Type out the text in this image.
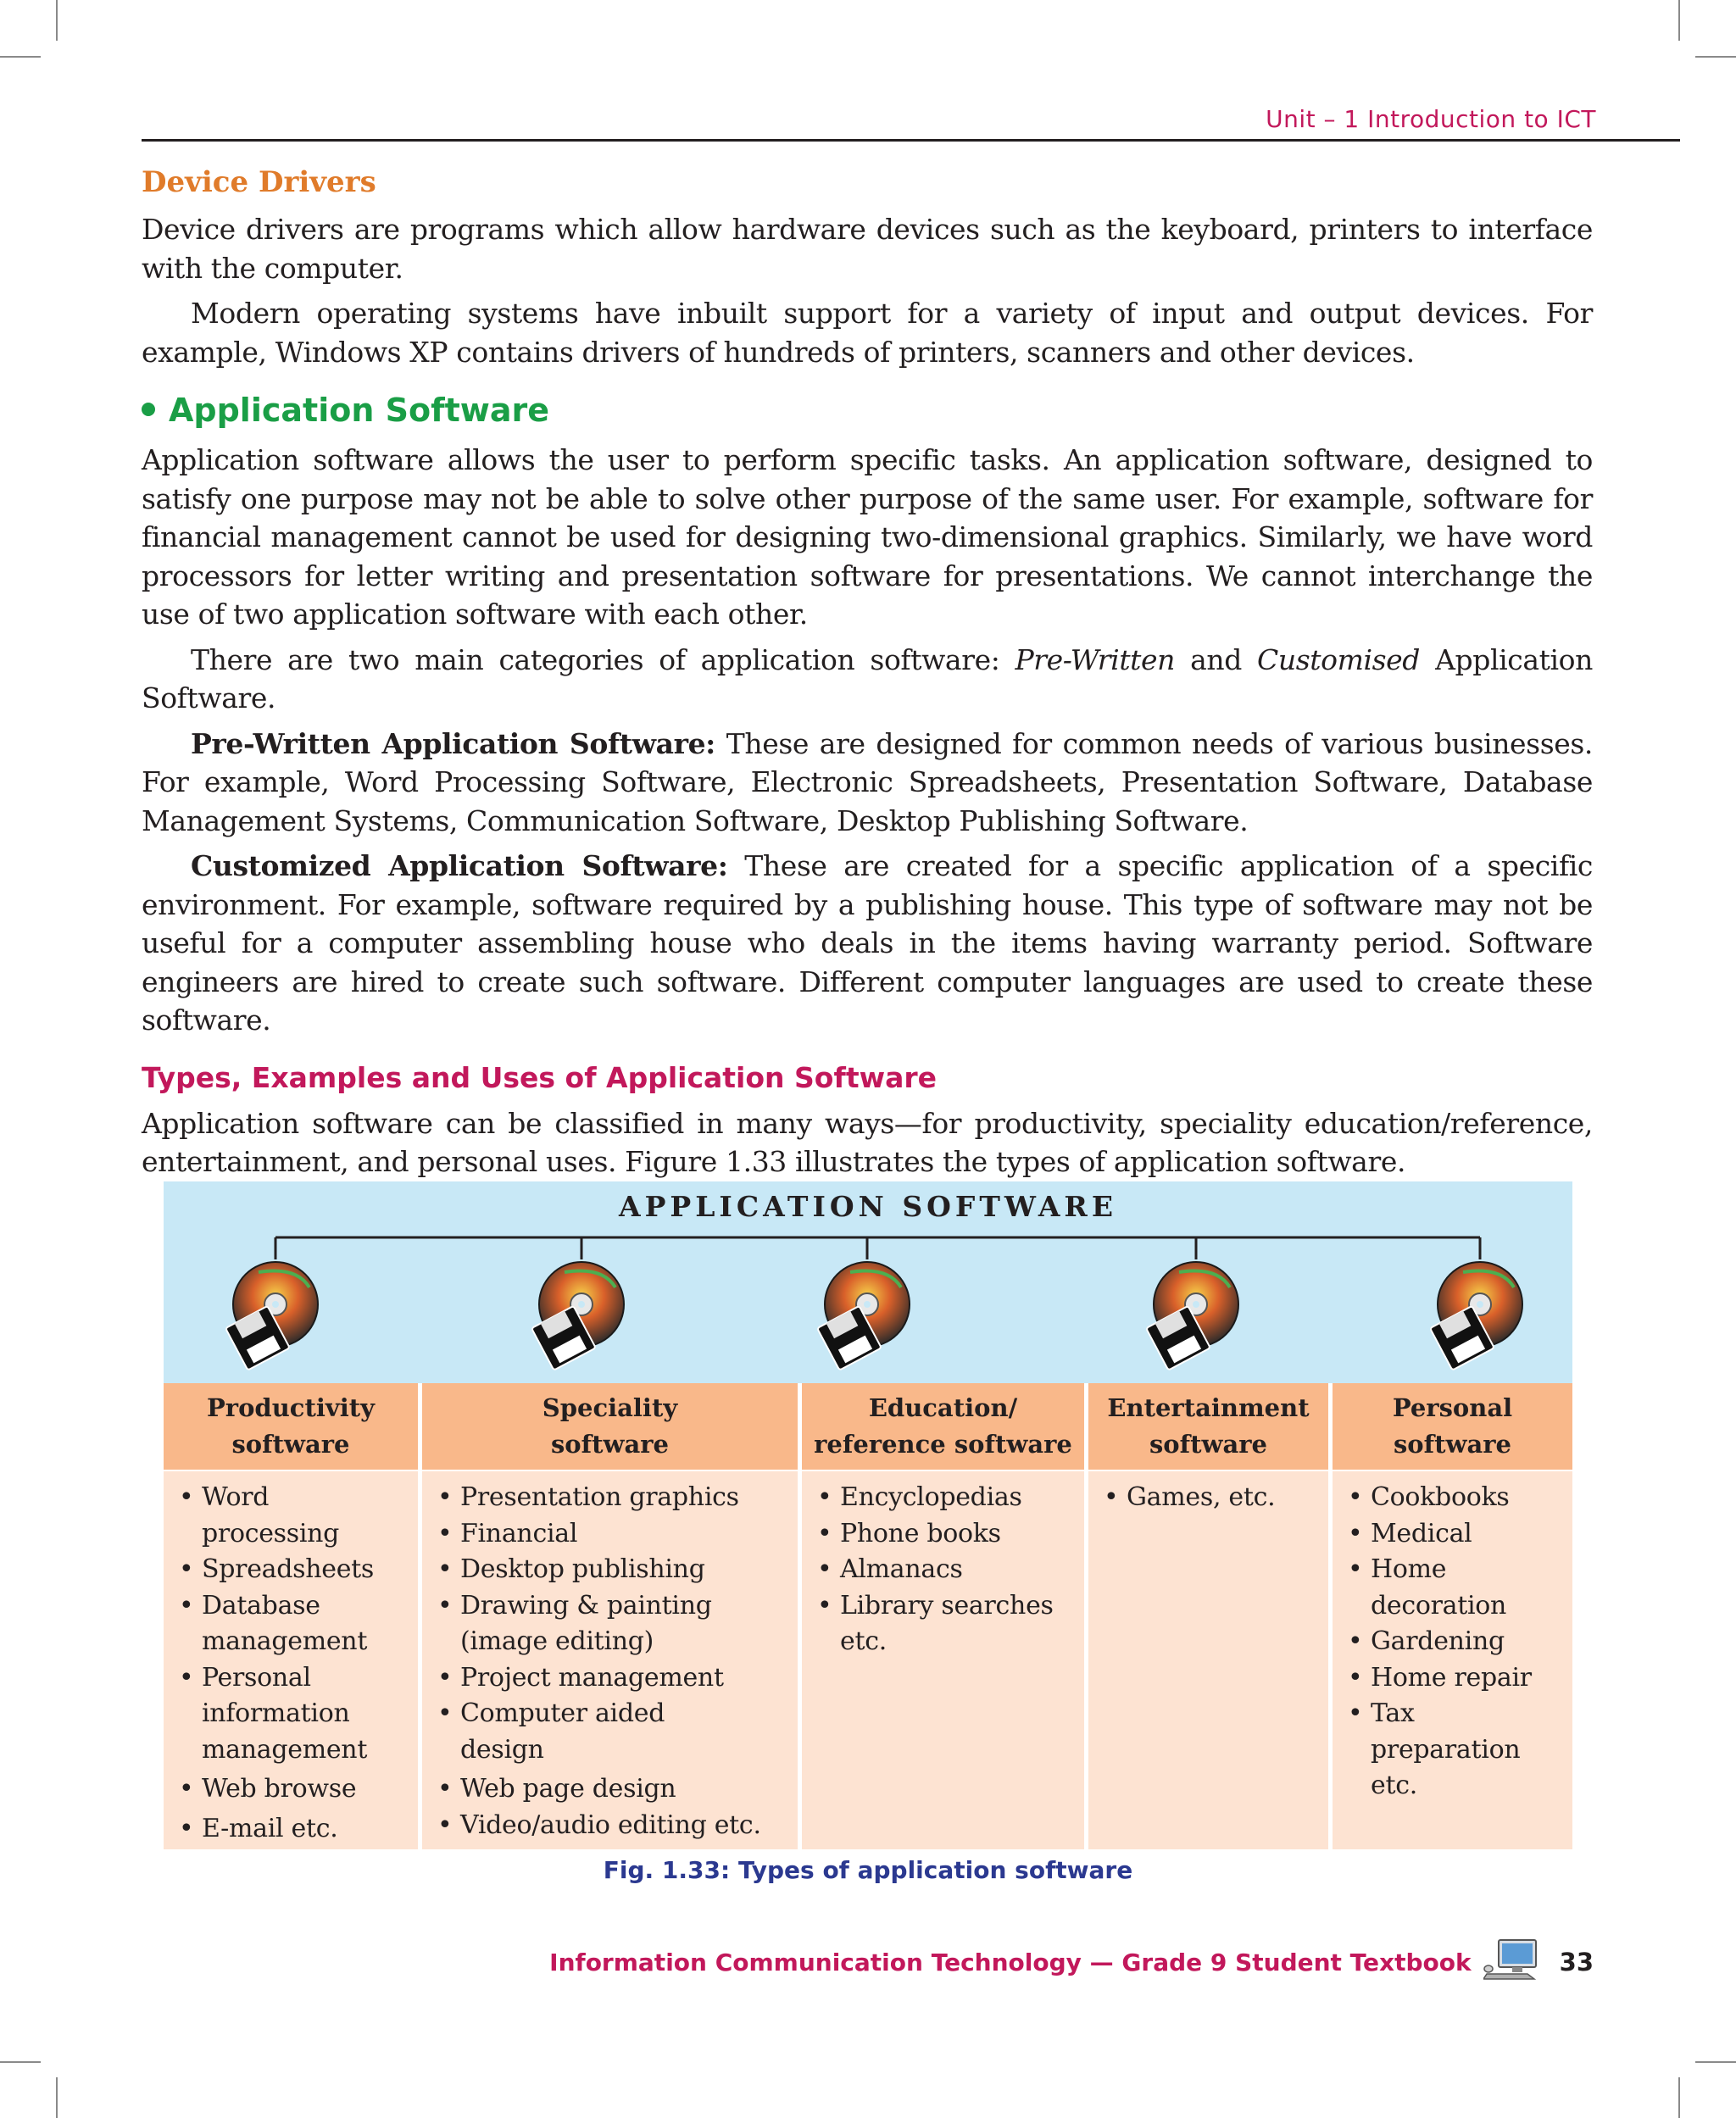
Unit – 1 Introduction to ICT
Device Drivers

Device drivers are programs which allow hardware devices such as the keyboard, printers to interface with the computer.

Modern operating systems have inbuilt support for a variety of input and output devices. For example, Windows XP contains drivers of hundreds of printers, scanners and other devices.

Application Software

Application software allows the user to perform specific tasks. An application software, designed to satisfy one purpose may not be able to solve other purpose of the same user. For example, software for financial management cannot be used for designing two-dimensional graphics. Similarly, we have word processors for letter writing and presentation software for presentations. We cannot interchange the use of two application software with each other.

There are two main categories of application software: Pre-Written and Customised Application Software.

Pre-Written Application Software: These are designed for common needs of various businesses. For example, Word Processing Software, Electronic Spreadsheets, Presentation Software, Database Management Systems, Communication Software, Desktop Publishing Software.

Customized Application Software: These are created for a specific application of a specific environment. For example, software required by a publishing house. This type of software may not be useful for a computer assembling house who deals in the items having warranty period. Software engineers are hired to create such software. Different computer languages are used to create these software.

Types, Examples and Uses of Application Software

Application software can be classified in many ways—for productivity, speciality education/reference, entertainment, and personal uses. Figure 1.33 illustrates the types of application software.

APPLICATION SOFTWARE
Productivity
software
Speciality
software
Education/
reference software
Entertainment
software
Personal
software
• Word
processing
• Spreadsheets
• Database
management
• Personal
information
management
• Web browse
• E-mail etc.
• Presentation graphics
• Financial
• Desktop publishing
• Drawing & painting
(image editing)
• Project management
• Computer aided
design
• Web page design
• Video/audio editing etc.
• Encyclopedias
• Phone books
• Almanacs
• Library searches
etc.
• Games, etc.
•	Cookbooks
• Medical
• Home
decoration
• Gardening
• Home repair
• Tax
preparation
etc.
Fig. 1.33: Types of application software
Information Communication Technology — Grade 9 Student Textbook	33
